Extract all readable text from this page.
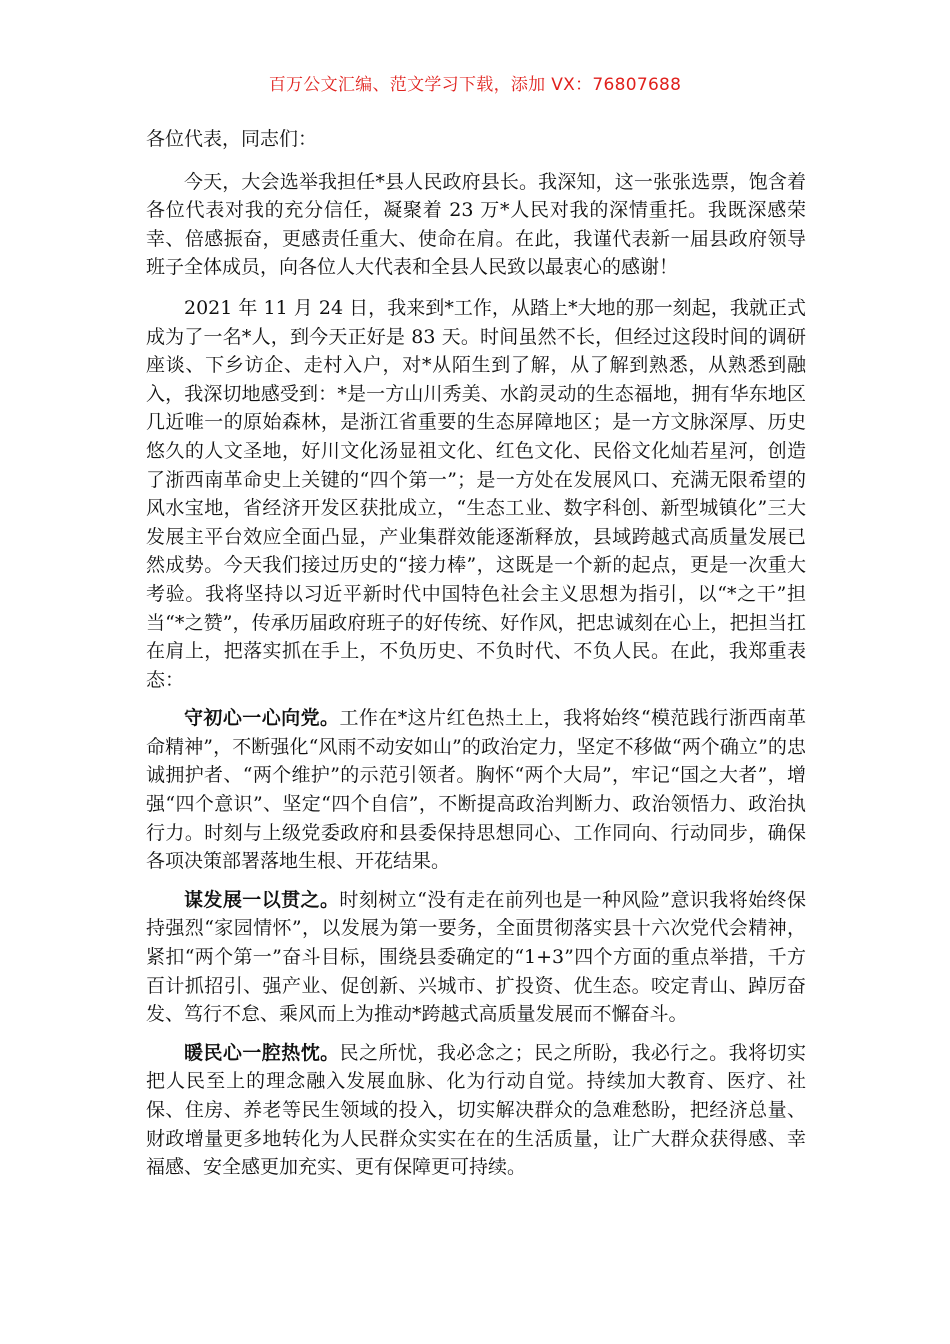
百万公文汇编、范文学习下载，添加 VX：76807688

各位代表，同志们：

今天，大会选举我担任*县人民政府县长。我深知，这一张张选票，饱含着各位代表对我的充分信任，凝聚着 23 万*人民对我的深情重托。我既深感荣幸、倍感振奋，更感责任重大、使命在肩。在此，我谨代表新一届县政府领导班子全体成员，向各位人大代表和全县人民致以最衷心的感谢！

2021 年 11 月 24 日，我来到*工作，从踏上*大地的那一刻起，我就正式成为了一名*人，到今天正好是 83 天。时间虽然不长，但经过这段时间的调研座谈、下乡访企、走村入户，对*从陌生到了解，从了解到熟悉，从熟悉到融入，我深切地感受到：*是一方山川秀美、水韵灵动的生态福地，拥有华东地区几近唯一的原始森林，是浙江省重要的生态屏障地区；是一方文脉深厚、历史悠久的人文圣地，好川文化汤显祖文化、红色文化、民俗文化灿若星河，创造了浙西南革命史上关键的“四个第一”；是一方处在发展风口、充满无限希望的风水宝地，省经济开发区获批成立，“生态工业、数字科创、新型城镇化”三大发展主平台效应全面凸显，产业集群效能逐渐释放，县域跨越式高质量发展已然成势。今天我们接过历史的“接力棒”，这既是一个新的起点，更是一次重大考验。我将坚持以习近平新时代中国特色社会主义思想为指引，以“*之干”担当“*之赞”，传承历届政府班子的好传统、好作风，把忠诚刻在心上，把担当扛在肩上，把落实抓在手上，不负历史、不负时代、不负人民。在此，我郑重表态：

守初心一心向党。工作在*这片红色热土上，我将始终“模范践行浙西南革命精神”，不断强化“风雨不动安如山”的政治定力，坚定不移做“两个确立”的忠诚拥护者、“两个维护”的示范引领者。胸怀“两个大局”，牢记“国之大者”，增强“四个意识”、坚定“四个自信”，不断提高政治判断力、政治领悟力、政治执行力。时刻与上级党委政府和县委保持思想同心、工作同向、行动同步，确保各项决策部署落地生根、开花结果。

谋发展一以贯之。时刻树立“没有走在前列也是一种风险”意识我将始终保持强烈“家园情怀”，以发展为第一要务，全面贯彻落实县十六次党代会精神，紧扣“两个第一”奋斗目标，围绕县委确定的“1+3”四个方面的重点举措，千方百计抓招引、强产业、促创新、兴城市、扩投资、优生态。咬定青山、踔厉奋发、笃行不怠、乘风而上为推动*跨越式高质量发展而不懈奋斗。

暖民心一腔热忱。民之所忧，我必念之；民之所盼，我必行之。我将切实把人民至上的理念融入发展血脉、化为行动自觉。持续加大教育、医疗、社保、住房、养老等民生领域的投入，切实解决群众的急难愁盼，把经济总量、财政增量更多地转化为人民群众实实在在的生活质量，让广大群众获得感、幸福感、安全感更加充实、更有保障更可持续。
